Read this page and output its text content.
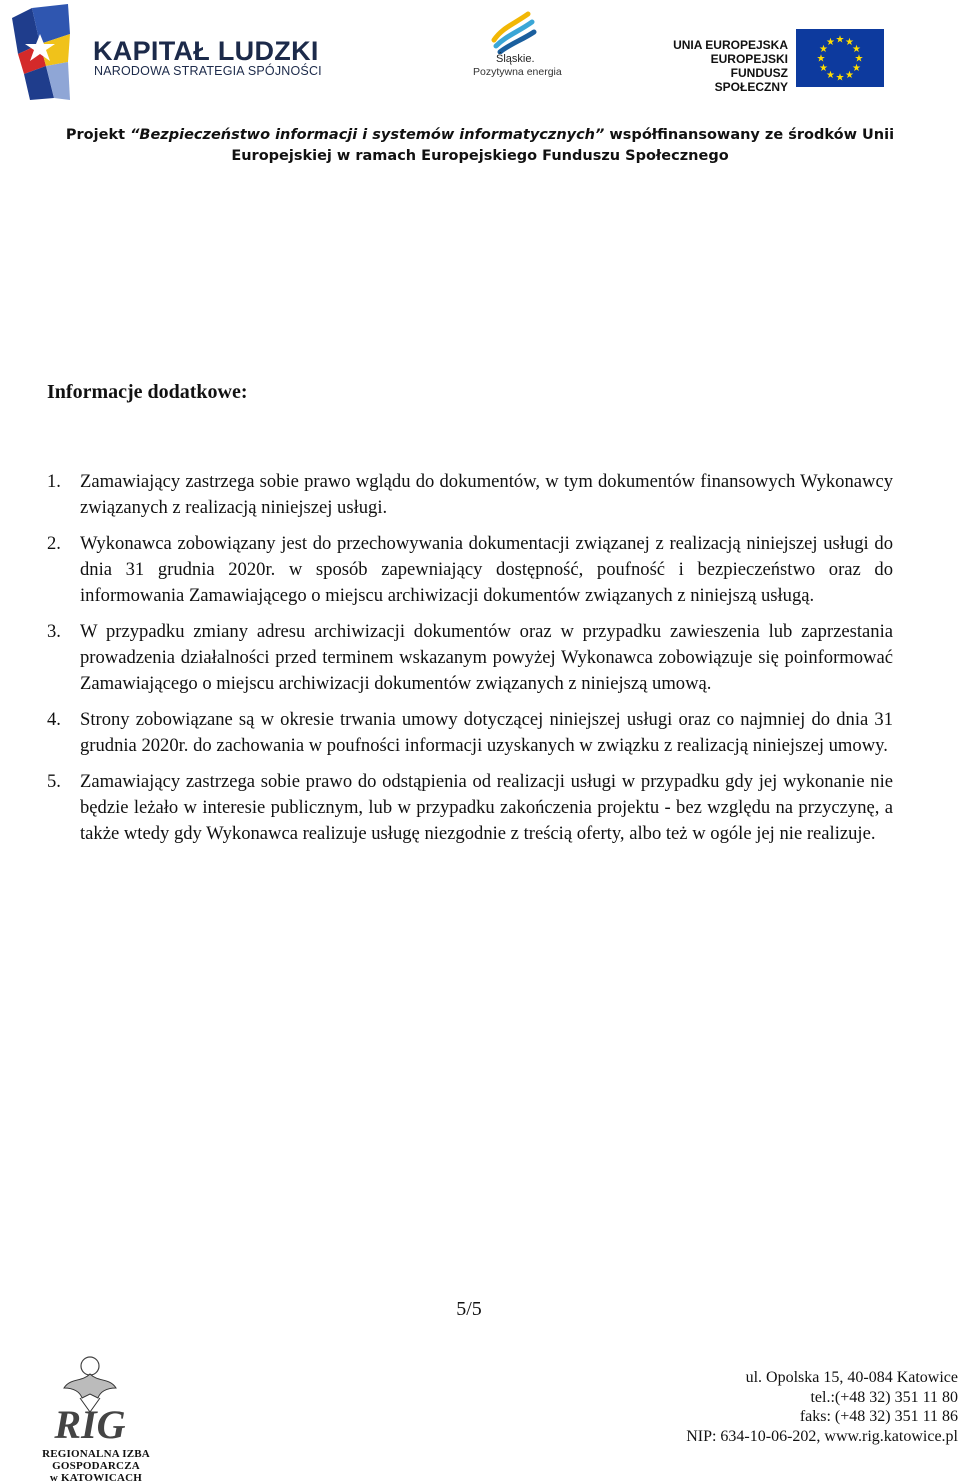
KAPITAŁ LUDZKI
NARODOWA STRATEGIA SPÓJNOŚCI
Śląskie.
Pozytywna energia
UNIA EUROPEJSKA
EUROPEJSKI
FUNDUSZ SPOŁECZNY
★ ★
★
★
★
★
★
★
★
★
★
★
Projekt “Bezpieczeństwo informacji i systemów informatycznych” współfinansowany ze środków Unii
Europejskiej w ramach Europejskiego Funduszu Społecznego
Informacje dodatkowe:
1. Zamawiający zastrzega sobie prawo wglądu do dokumentów, w tym dokumentów finansowych Wykonawcy związanych z realizacją niniejszej usługi.
2. Wykonawca zobowiązany jest do przechowywania dokumentacji związanej z realizacją niniejszej usługi do dnia 31 grudnia 2020r. w sposób zapewniający dostępność, poufność i bezpieczeństwo oraz do informowania Zamawiającego o miejscu archiwizacji dokumentów związanych z niniejszą usługą.
3. W przypadku zmiany adresu archiwizacji dokumentów oraz w przypadku zawieszenia lub zaprzestania prowadzenia działalności przed terminem wskazanym powyżej Wykonawca zobowiązuje się poinformować Zamawiającego o miejscu archiwizacji dokumentów związanych z niniejszą umową.
4. Strony zobowiązane są w okresie trwania umowy dotyczącej niniejszej usługi oraz co najmniej do dnia 31 grudnia 2020r. do zachowania w poufności informacji uzyskanych w związku z realizacją niniejszej umowy.
5. Zamawiający zastrzega sobie prawo do odstąpienia od realizacji usługi w przypadku gdy jej wykonanie nie będzie leżało w interesie publicznym, lub w przypadku zakończenia projektu - bez względu na przyczynę, a także wtedy gdy Wykonawca realizuje usługę niezgodnie z treścią oferty, albo też w ogóle jej nie realizuje.
5/5
RIG
REGIONALNA IZBA GOSPODARCZA
w KATOWICACH
ul. Opolska 15, 40-084 Katowice
tel.:(+48 32) 351 11 80
faks: (+48 32) 351 11 86
NIP: 634-10-06-202, www.rig.katowice.pl
